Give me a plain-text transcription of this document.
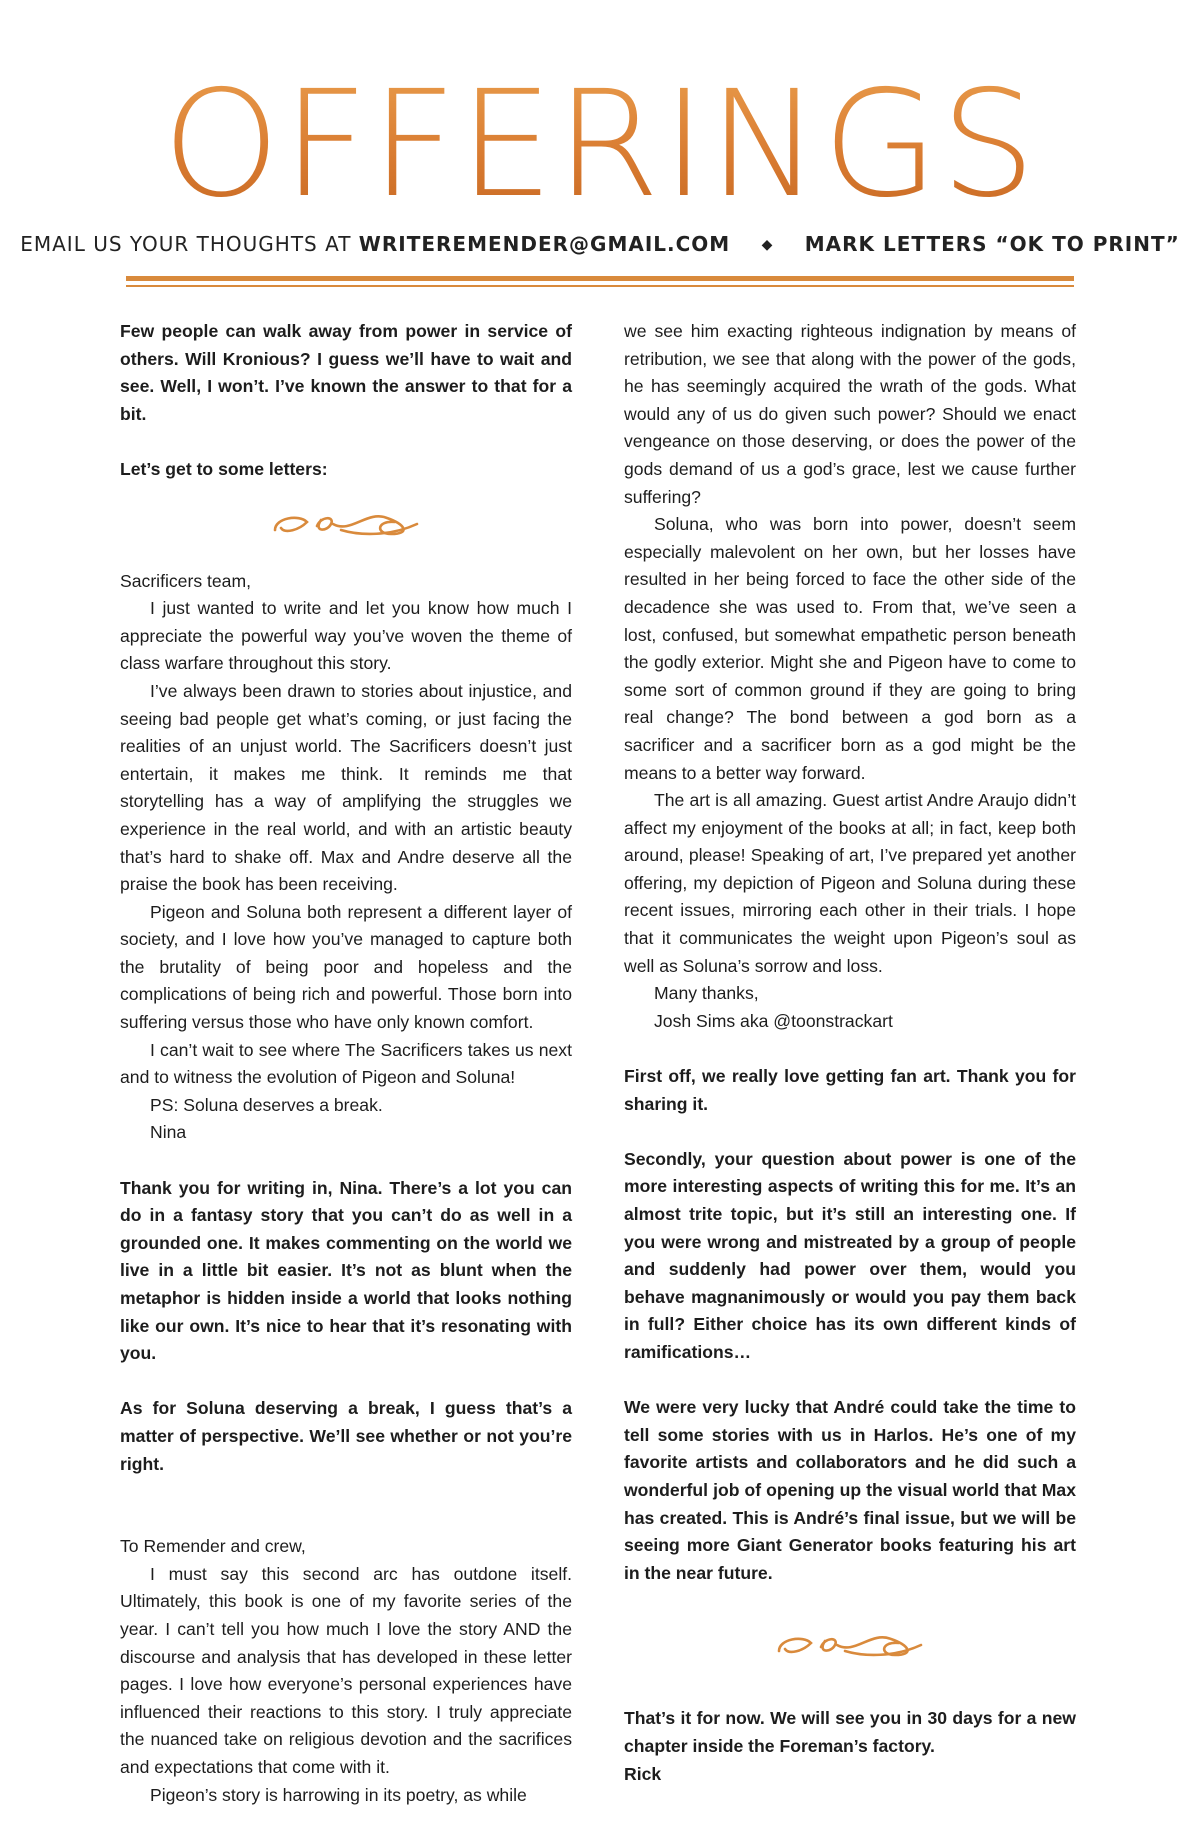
OFFERINGS
EMAIL US YOUR THOUGHTS AT WRITEREMENDER@GMAIL.COM ◆ MARK LETTERS “OK TO PRINT”

Few people can walk away from power in service of others. Will Kronious? I guess we’ll have to wait and see. Well, I won’t. I’ve known the answer to that for a bit.

Let’s get to some letters:

Sacrificers team,

I just wanted to write and let you know how much I appreciate the powerful way you’ve woven the theme of class warfare throughout this story.

I’ve always been drawn to stories about injustice, and seeing bad people get what’s coming, or just facing the realities of an unjust world. The Sacrificers doesn’t just entertain, it makes me think. It reminds me that storytelling has a way of amplifying the struggles we experience in the real world, and with an artistic beauty that’s hard to shake off. Max and Andre deserve all the praise the book has been receiving.

Pigeon and Soluna both represent a different layer of society, and I love how you’ve managed to capture both the brutality of being poor and hopeless and the complications of being rich and powerful. Those born into suffering versus those who have only known comfort.

I can’t wait to see where The Sacrificers takes us next and to witness the evolution of Pigeon and Soluna!

PS: Soluna deserves a break.

Nina

Thank you for writing in, Nina. There’s a lot you can do in a fantasy story that you can’t do as well in a grounded one. It makes commenting on the world we live in a little bit easier. It’s not as blunt when the metaphor is hidden inside a world that looks nothing like our own. It’s nice to hear that it’s resonating with you.

As for Soluna deserving a break, I guess that’s a matter of perspective. We’ll see whether or not you’re right.

To Remender and crew,

I must say this second arc has outdone itself. Ultimately, this book is one of my favorite series of the year. I can’t tell you how much I love the story AND the discourse and analysis that has developed in these letter pages. I love how everyone’s personal experiences have influenced their reactions to this story. I truly appreciate the nuanced take on religious devotion and the sacrifices and expectations that come with it.

Pigeon’s story is harrowing in its poetry, as while

we see him exacting righteous indignation by means of retribution, we see that along with the power of the gods, he has seemingly acquired the wrath of the gods. What would any of us do given such power? Should we enact vengeance on those deserving, or does the power of the gods demand of us a god’s grace, lest we cause further suffering?

Soluna, who was born into power, doesn’t seem especially malevolent on her own, but her losses have resulted in her being forced to face the other side of the decadence she was used to. From that, we’ve seen a lost, confused, but somewhat empathetic person beneath the godly exterior. Might she and Pigeon have to come to some sort of common ground if they are going to bring real change? The bond between a god born as a sacrificer and a sacrificer born as a god might be the means to a better way forward.

The art is all amazing. Guest artist Andre Araujo didn’t affect my enjoyment of the books at all; in fact, keep both around, please! Speaking of art, I’ve prepared yet another offering, my depiction of Pigeon and Soluna during these recent issues, mirroring each other in their trials. I hope that it communicates the weight upon Pigeon’s soul as well as Soluna’s sorrow and loss.

Many thanks,

Josh Sims aka @toonstrackart

First off, we really love getting fan art. Thank you for sharing it.

Secondly, your question about power is one of the more interesting aspects of writing this for me. It’s an almost trite topic, but it’s still an interesting one. If you were wrong and mistreated by a group of people and suddenly had power over them, would you behave magnanimously or would you pay them back in full? Either choice has its own different kinds of ramifications…

We were very lucky that André could take the time to tell some stories with us in Harlos. He’s one of my favorite artists and collaborators and he did such a wonderful job of opening up the visual world that Max has created. This is André’s final issue, but we will be seeing more Giant Generator books featuring his art in the near future.

That’s it for now. We will see you in 30 days for a new chapter inside the Foreman’s factory.

Rick
